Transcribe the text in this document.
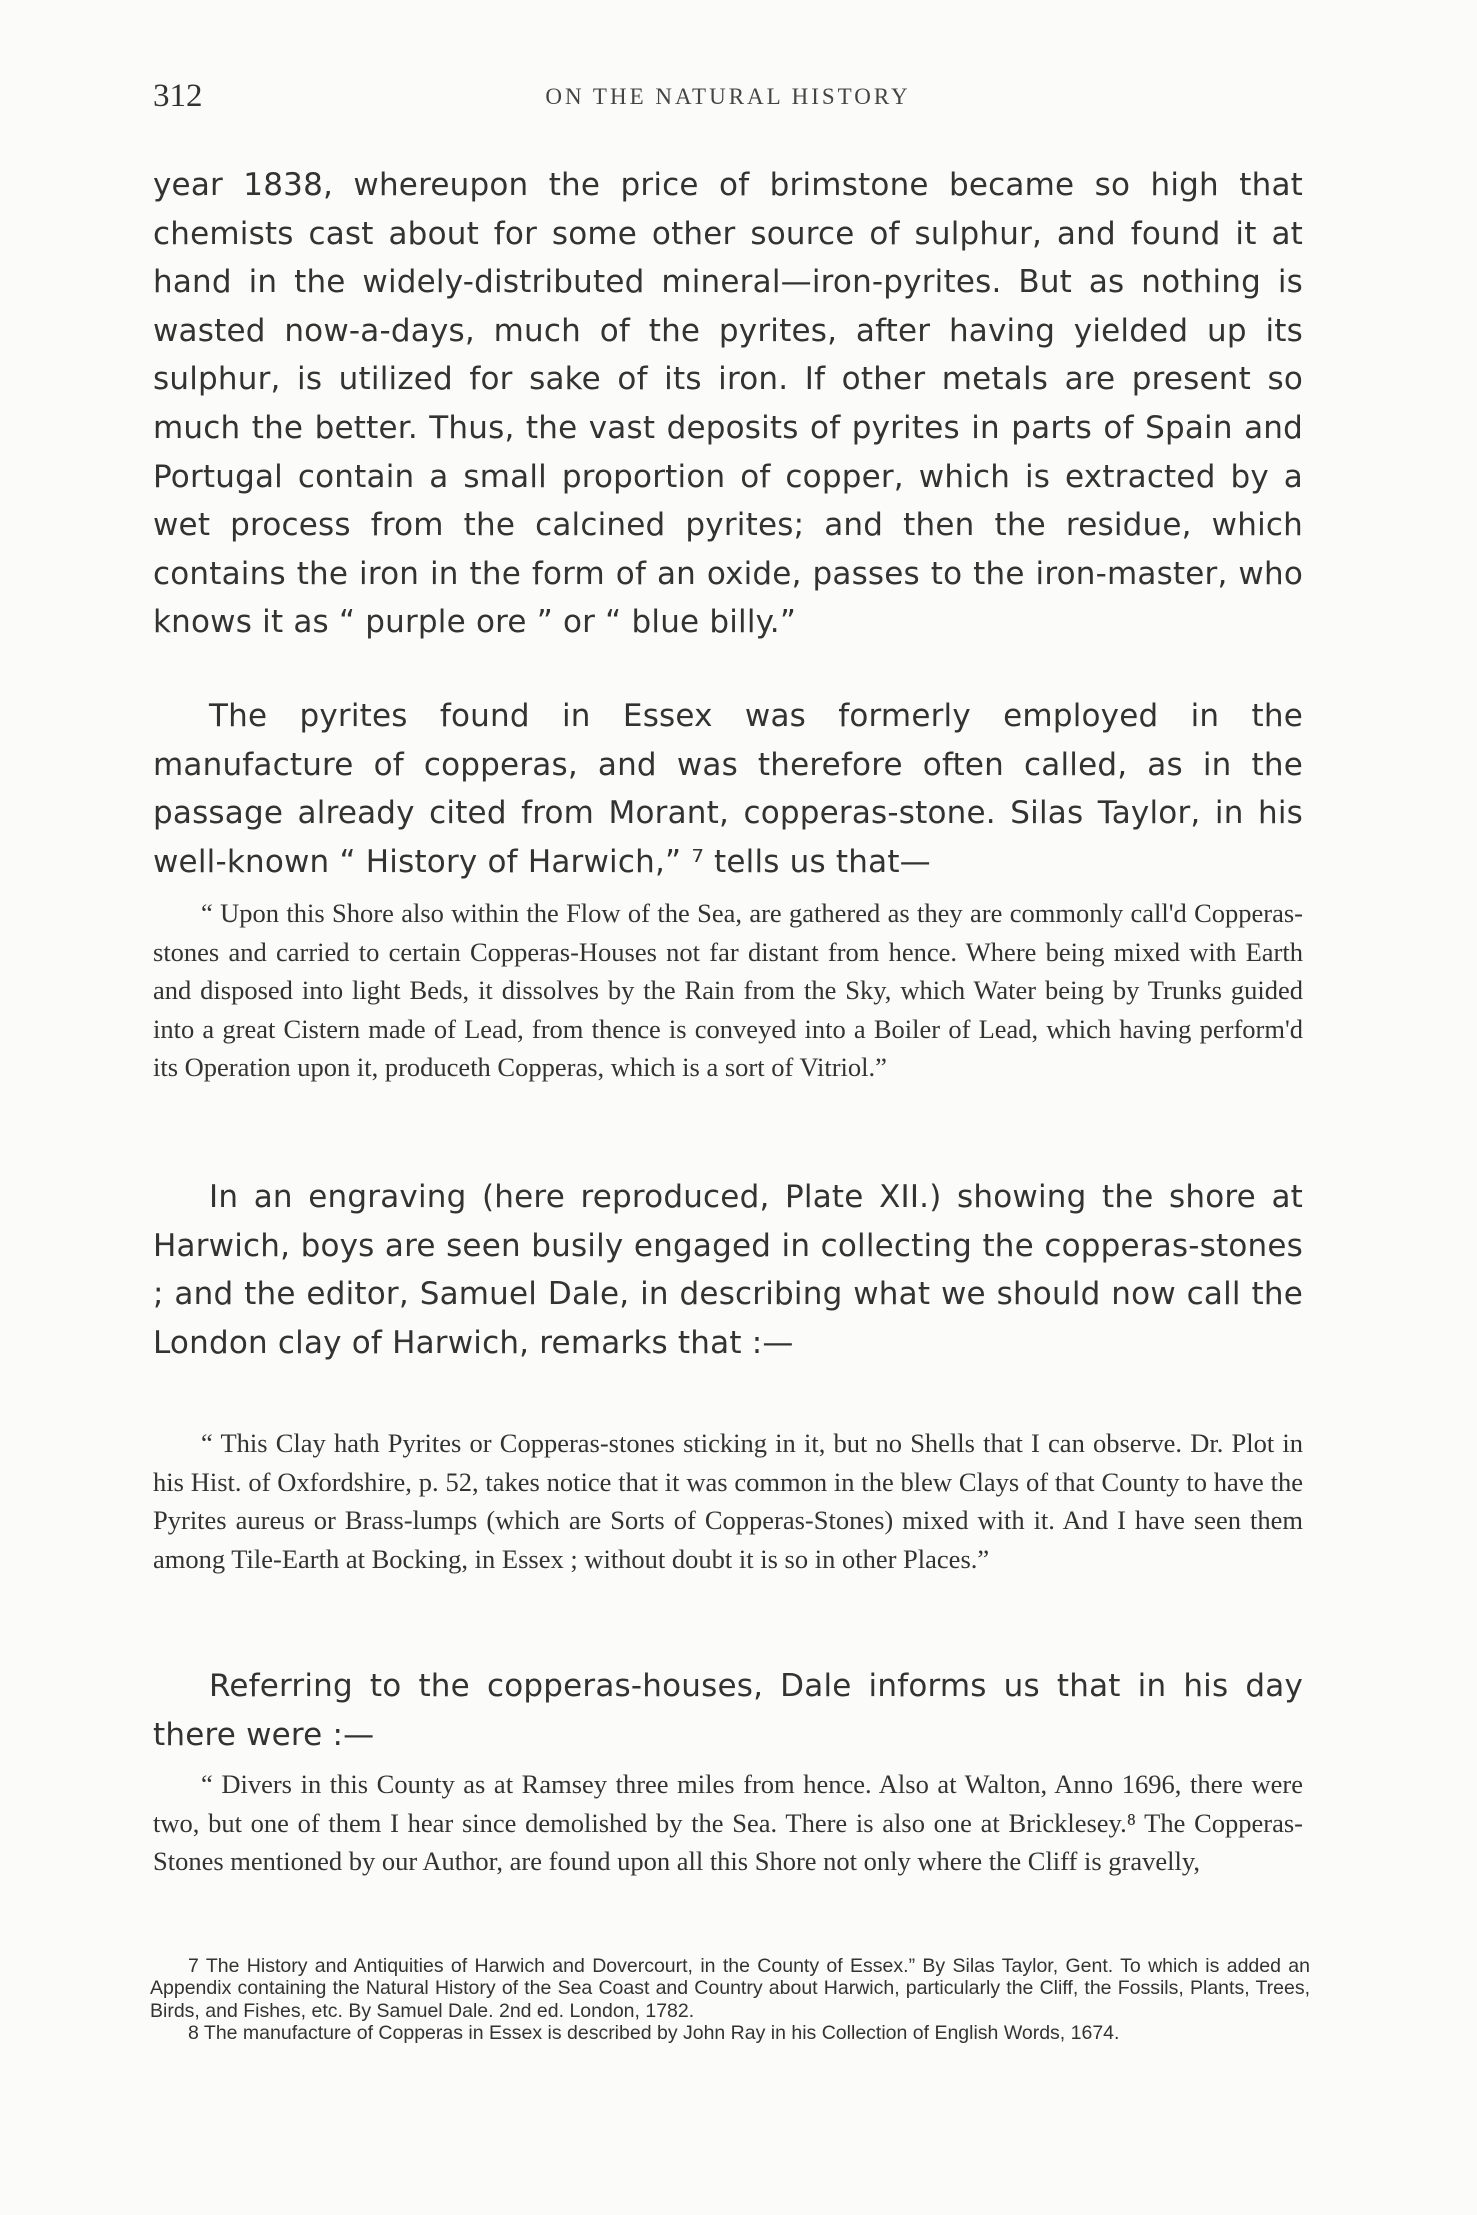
312	ON THE NATURAL HISTORY

year 1838, whereupon the price of brimstone became so high that chemists cast about for some other source of sulphur, and found it at hand in the widely-distributed mineral—iron-pyrites. But as nothing is wasted now-a-days, much of the pyrites, after having yielded up its sulphur, is utilized for sake of its iron. If other metals are present so much the better. Thus, the vast deposits of pyrites in parts of Spain and Portugal contain a small proportion of copper, which is extracted by a wet process from the calcined pyrites; and then the residue, which contains the iron in the form of an oxide, passes to the iron-master, who knows it as “ purple ore ” or “ blue billy.”

The pyrites found in Essex was formerly employed in the manufacture of copperas, and was therefore often called, as in the passage already cited from Morant, copperas-stone. Silas Taylor, in his well-known “ History of Harwich,” ⁷ tells us that—

“ Upon this Shore also within the Flow of the Sea, are gathered as they are commonly call'd Copperas-stones and carried to certain Copperas-Houses not far distant from hence. Where being mixed with Earth and disposed into light Beds, it dissolves by the Rain from the Sky, which Water being by Trunks guided into a great Cistern made of Lead, from thence is conveyed into a Boiler of Lead, which having perform'd its Operation upon it, produceth Copperas, which is a sort of Vitriol.”

In an engraving (here reproduced, Plate XII.) showing the shore at Harwich, boys are seen busily engaged in collecting the copperas-stones ; and the editor, Samuel Dale, in describing what we should now call the London clay of Harwich, remarks that :—

“ This Clay hath Pyrites or Copperas-stones sticking in it, but no Shells that I can observe. Dr. Plot in his Hist. of Oxfordshire, p. 52, takes notice that it was common in the blew Clays of that County to have the Pyrites aureus or Brass-lumps (which are Sorts of Copperas-Stones) mixed with it. And I have seen them among Tile-Earth at Bocking, in Essex ; without doubt it is so in other Places.”

Referring to the copperas-houses, Dale informs us that in his day there were :—

“ Divers in this County as at Ramsey three miles from hence. Also at Walton, Anno 1696, there were two, but one of them I hear since demolished by the Sea. There is also one at Bricklesey.⁸ The Copperas-Stones mentioned by our Author, are found upon all this Shore not only where the Cliff is gravelly,

7 The History and Antiquities of Harwich and Dovercourt, in the County of Essex.” By Silas Taylor, Gent. To which is added an Appendix containing the Natural History of the Sea Coast and Country about Harwich, particularly the Cliff, the Fossils, Plants, Trees, Birds, and Fishes, etc. By Samuel Dale. 2nd ed. London, 1782.

8 The manufacture of Copperas in Essex is described by John Ray in his Collection of English Words, 1674.
